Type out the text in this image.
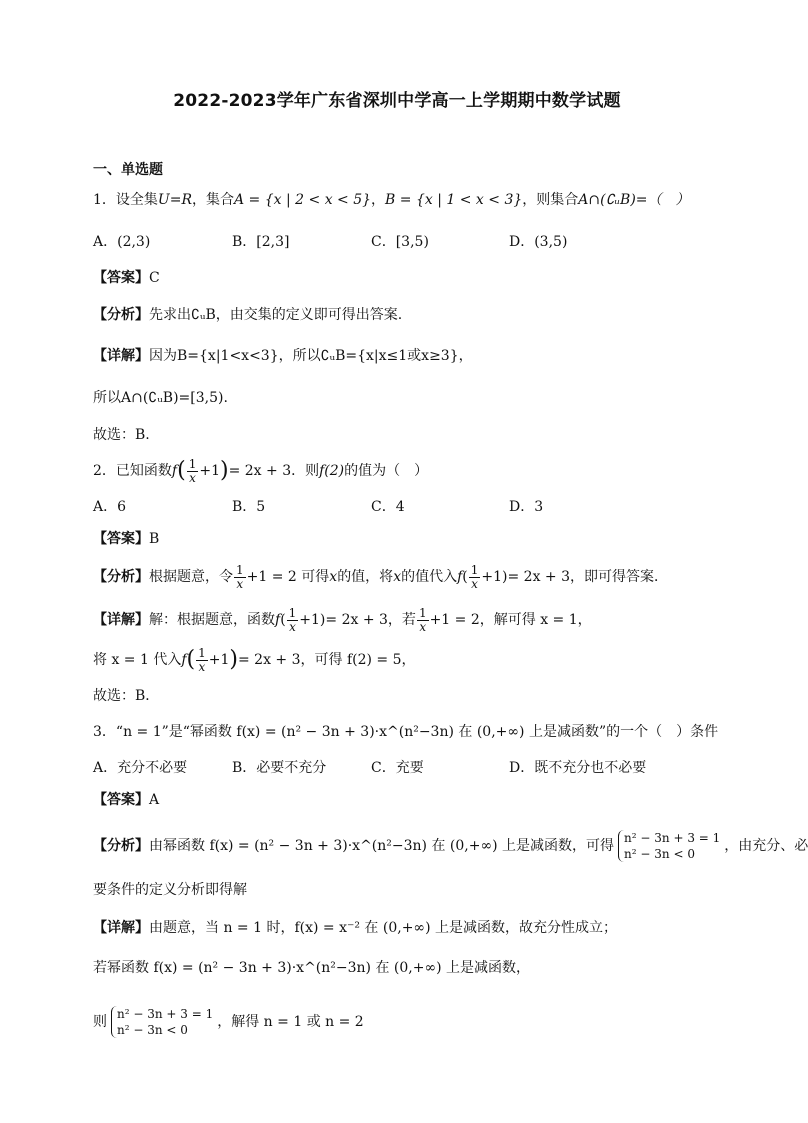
2022-2023学年广东省深圳中学高一上学期期中数学试题
一、单选题
1．设全集U=R，集合A = {x | 2 < x < 5}，B = {x | 1 < x < 3}，则集合A∩(∁ᵤB)=（　）
A．(2,3)	B．[2,3]	C．[3,5)	D．(3,5)
【答案】C
【分析】先求出∁ᵤB，由交集的定义即可得出答案.
【详解】因为B={x|1<x<3}，所以∁ᵤB={x|x≤1或x≥3}，
所以A∩(∁ᵤB)=[3,5).
故选：B.
2．已知函数$f( \frac{1}{x} +1)= 2x + 3$．则f(2)的值为（　）
A．6	B．5	C．4	D．3
【答案】B
【分析】根据题意，令 $\frac{1}{x} +1 = 2$ 可得x的值，将x的值代入$f( \frac{1}{x} +1)= 2x + 3$，即可得答案．
【详解】解：根据题意，函数$f( \frac{1}{x} +1)= 2x + 3$，若 $\frac{1}{x} +1 = 2$，解可得 x = 1，
将 x = 1 代入$f( \frac{1}{x} +1)= 2x + 3$，可得 f(2) = 5，
故选：B．
3．“n = 1”是“幂函数 f(x) = (n² − 3n + 3)·x^(n²−3n) 在 (0,+∞) 上是减函数”的一个（　）条件
A．充分不必要	B．必要不充分	C．充要	D．既不充分也不必要
【答案】A
【分析】由幂函数 f(x) = (n² − 3n + 3)·x^(n²−3n) 在 (0,+∞) 上是减函数，可得 n² − 3n + 3 = 1
n² − 3n < 0	，由充分、必
要条件的定义分析即得解
【详解】由题意，当 n = 1 时，f(x) = x⁻² 在 (0,+∞) 上是减函数，故充分性成立；
若幂函数 f(x) = (n² − 3n + 3)·x^(n²−3n) 在 (0,+∞) 上是减函数，
则 n² − 3n + 3 = 1
n² − 3n < 0	，解得 n = 1 或 n = 2
